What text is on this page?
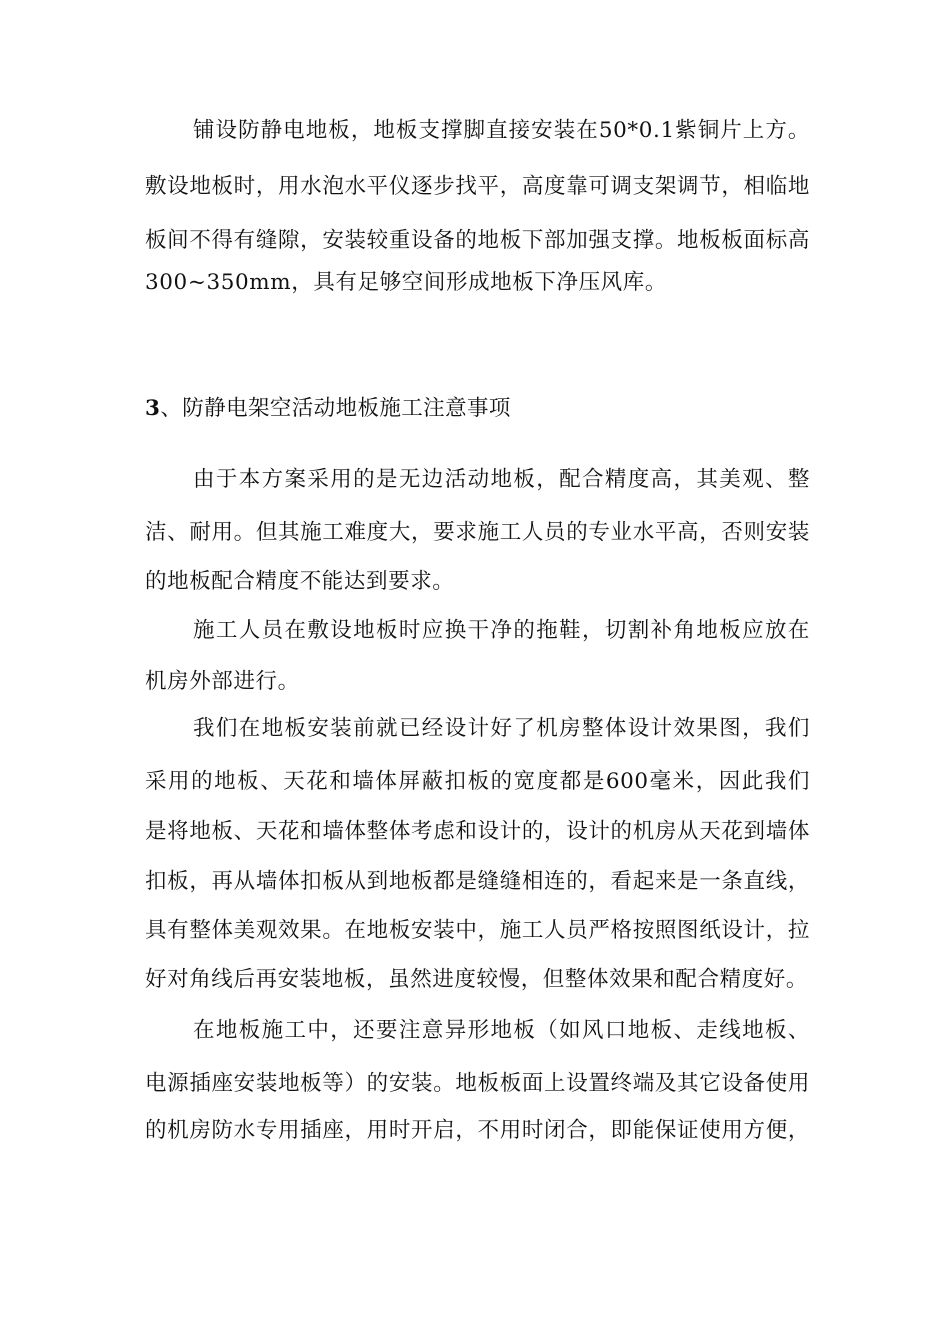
铺设防静电地板，地板支撑脚直接安装在50*0.1紫铜片上方。
敷设地板时，用水泡水平仪逐步找平，高度靠可调支架调节，相临地
板间不得有缝隙，安装较重设备的地板下部加强支撑。地板板面标高
300~350mm，具有足够空间形成地板下净压风库。
3、防静电架空活动地板施工注意事项
由于本方案采用的是无边活动地板，配合精度高，其美观、整
洁、耐用。但其施工难度大，要求施工人员的专业水平高，否则安装
的地板配合精度不能达到要求。
施工人员在敷设地板时应换干净的拖鞋，切割补角地板应放在
机房外部进行。
我们在地板安装前就已经设计好了机房整体设计效果图，我们
采用的地板、天花和墙体屏蔽扣板的宽度都是600毫米，因此我们
是将地板、天花和墙体整体考虑和设计的，设计的机房从天花到墙体
扣板，再从墙体扣板从到地板都是缝缝相连的，看起来是一条直线，
具有整体美观效果。在地板安装中，施工人员严格按照图纸设计，拉
好对角线后再安装地板，虽然进度较慢，但整体效果和配合精度好。
在地板施工中，还要注意异形地板（如风口地板、走线地板、
电源插座安装地板等）的安装。地板板面上设置终端及其它设备使用
的机房防水专用插座，用时开启，不用时闭合，即能保证使用方便，
